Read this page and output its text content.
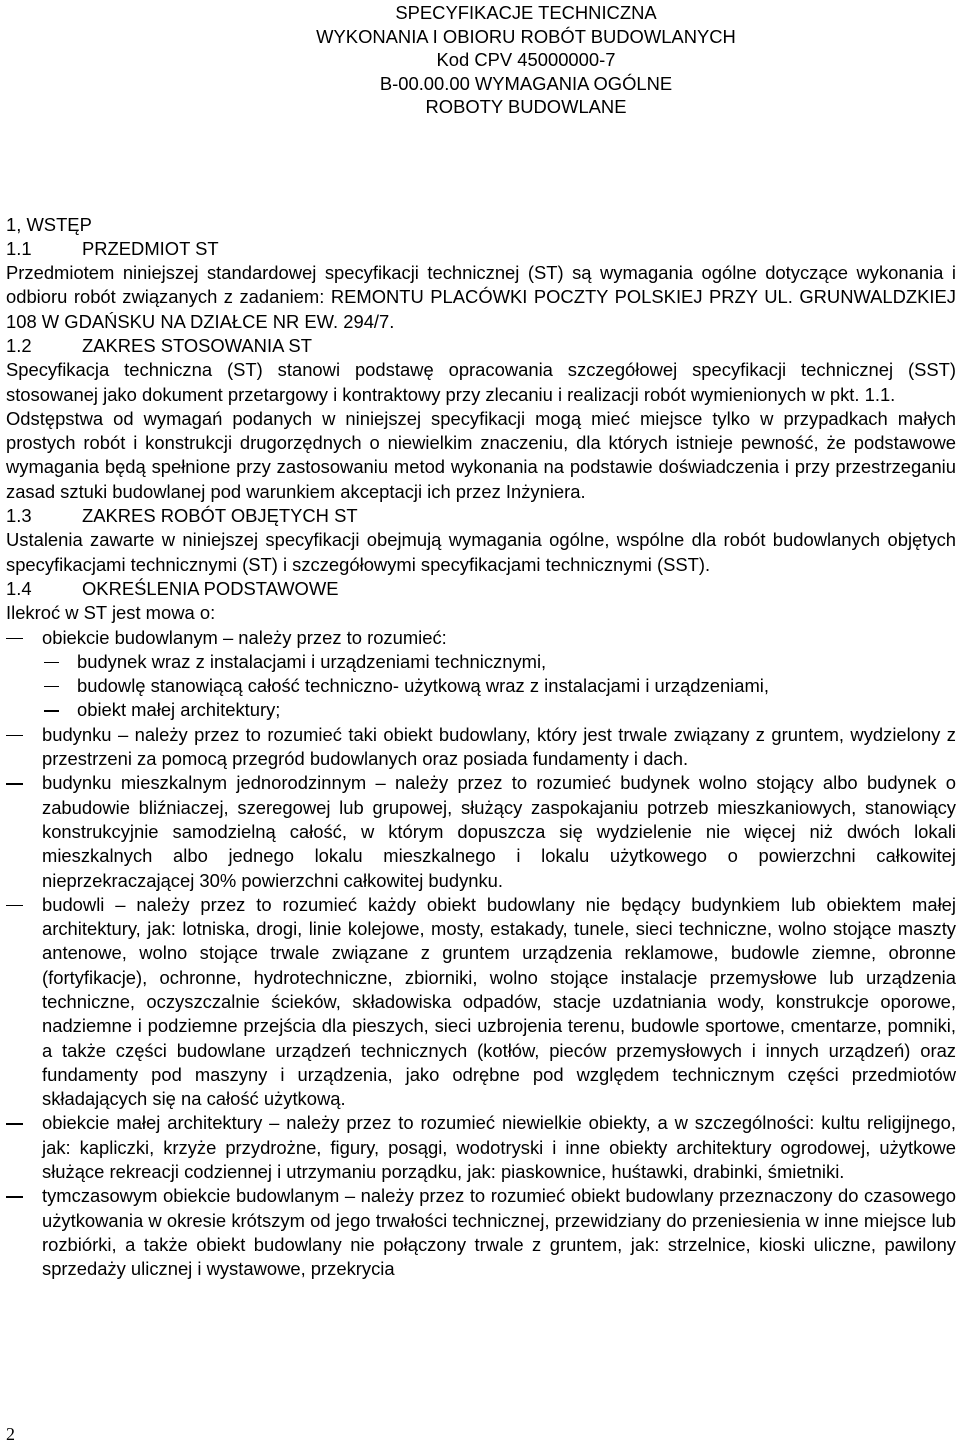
SPECYFIKACJE TECHNICZNA
WYKONANIA I OBIORU ROBÓT BUDOWLANYCH
Kod CPV 45000000-7
B-00.00.00 WYMAGANIA OGÓLNE
ROBOTY BUDOWLANE
1, WSTĘP
1.1	PRZEDMIOT ST

Przedmiotem niniejszej standardowej specyfikacji technicznej (ST) są wymagania ogólne dotyczące wykonania i odbioru robót związanych z zadaniem: REMONTU PLACÓWKI POCZTY POLSKIEJ PRZY UL. GRUNWALDZKIEJ 108 W GDAŃSKU NA DZIAŁCE NR EW. 294/7.

1.2	ZAKRES STOSOWANIA ST

Specyfikacja techniczna (ST) stanowi podstawę opracowania szczegółowej specyfikacji technicznej (SST) stosowanej jako dokument przetargowy i kontraktowy przy zlecaniu i realizacji robót wymienionych w pkt. 1.1.

Odstępstwa od wymagań podanych w niniejszej specyfikacji mogą mieć miejsce tylko w przypadkach małych prostych robót i konstrukcji drugorzędnych o niewielkim znaczeniu, dla których istnieje pewność, że podstawowe wymagania będą spełnione przy zastosowaniu metod wykonania na podstawie doświadczenia i przy przestrzeganiu zasad sztuki budowlanej pod warunkiem akceptacji ich przez Inżyniera.

1.3	ZAKRES ROBÓT OBJĘTYCH ST

Ustalenia zawarte w niniejszej specyfikacji obejmują wymagania ogólne, wspólne dla robót budowlanych objętych specyfikacjami technicznymi (ST) i szczegółowymi specyfikacjami technicznymi (SST).

1.4	OKREŚLENIA PODSTAWOWE
Ilekroć w ST jest mowa o:
obiekcie budowlanym – należy przez to rozumieć:
budynek wraz z instalacjami i urządzeniami technicznymi,
budowlę stanowiącą całość techniczno- użytkową wraz z instalacjami i urządzeniami,
obiekt małej architektury;
budynku – należy przez to rozumieć taki obiekt budowlany, który jest trwale związany z gruntem, wydzielony z przestrzeni za pomocą przegród budowlanych oraz posiada fundamenty i dach.
budynku mieszkalnym jednorodzinnym – należy przez to rozumieć budynek wolno stojący albo budynek o zabudowie bliźniaczej, szeregowej lub grupowej, służący zaspokajaniu potrzeb mieszkaniowych, stanowiący konstrukcyjnie samodzielną całość, w którym dopuszcza się wydzielenie nie więcej niż dwóch lokali mieszkalnych albo jednego lokalu mieszkalnego i lokalu użytkowego o powierzchni całkowitej nieprzekraczającej 30% powierzchni całkowitej budynku.
budowli – należy przez to rozumieć każdy obiekt budowlany nie będący budynkiem lub obiektem małej architektury, jak: lotniska, drogi, linie kolejowe, mosty, estakady, tunele, sieci techniczne, wolno stojące maszty antenowe, wolno stojące trwale związane z gruntem urządzenia reklamowe, budowle ziemne, obronne (fortyfikacje), ochronne, hydrotechniczne, zbiorniki, wolno stojące instalacje przemysłowe lub urządzenia techniczne, oczyszczalnie ścieków, składowiska odpadów, stacje uzdatniania wody, konstrukcje oporowe, nadziemne i podziemne przejścia dla pieszych, sieci uzbrojenia terenu, budowle sportowe, cmentarze, pomniki, a także części budowlane urządzeń technicznych (kotłów, pieców przemysłowych i innych urządzeń) oraz fundamenty pod maszyny i urządzenia, jako odrębne pod względem technicznym części przedmiotów składających się na całość użytkową.
obiekcie małej architektury – należy przez to rozumieć niewielkie obiekty, a w szczególności: kultu religijnego, jak: kapliczki, krzyże przydrożne, figury, posągi, wodotryski i inne obiekty architektury ogrodowej, użytkowe służące rekreacji codziennej i utrzymaniu porządku, jak: piaskownice, huśtawki, drabinki, śmietniki.
tymczasowym obiekcie budowlanym – należy przez to rozumieć obiekt budowlany przeznaczony do czasowego użytkowania w okresie krótszym od jego trwałości technicznej, przewidziany do przeniesienia w inne miejsce lub rozbiórki, a także obiekt budowlany nie połączony trwale z gruntem, jak: strzelnice, kioski uliczne, pawilony sprzedaży ulicznej i wystawowe, przekrycia
2
